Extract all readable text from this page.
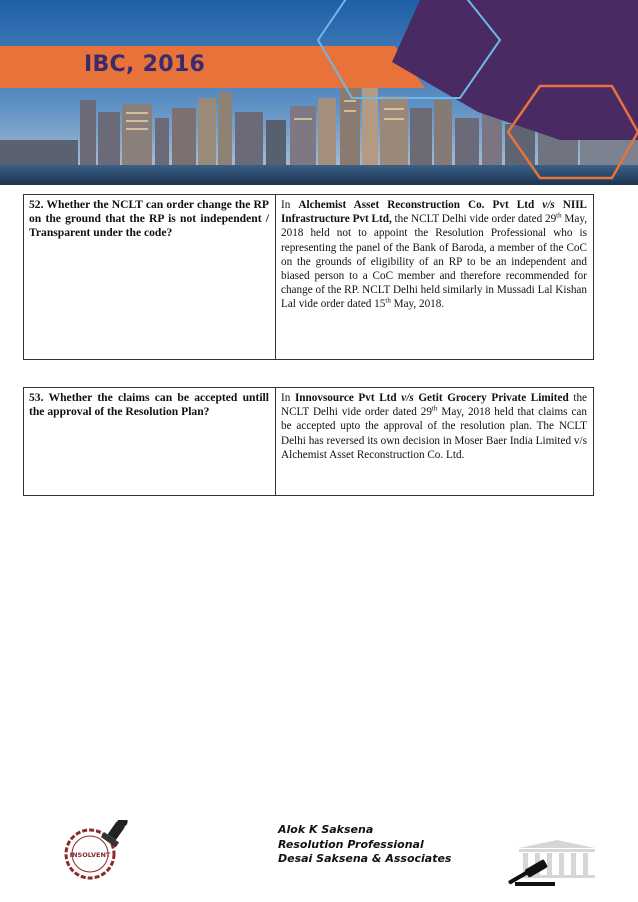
IBC, 2016
52. Whether the NCLT can order change the RP on the ground that the RP is not independent / Transparent under the code?	In Alchemist Asset Reconstruction Co. Pvt Ltd v/s NIIL Infrastructure Pvt Ltd, the NCLT Delhi vide order dated 29th May, 2018 held not to appoint the Resolution Professional who is representing the panel of the Bank of Baroda, a member of the CoC on the grounds of eligibility of an RP to be an independent and biased person to a CoC member and therefore recommended for change of the RP. NCLT Delhi held similarly in Mussadi Lal Kishan Lal vide order dated 15th May, 2018.
53. Whether the claims can be accepted untill the approval of the Resolution Plan?	In Innovsource Pvt Ltd v/s Getit Grocery Private Limited the NCLT Delhi vide order dated 29th May, 2018 held that claims can be accepted upto the approval of the resolution plan. The NCLT Delhi has reversed its own decision in Moser Baer India Limited v/s Alchemist Asset Reconstruction Co. Ltd.
INSOLVENT
Alok K Saksena
Resolution Professional
Desai Saksena & Associates
